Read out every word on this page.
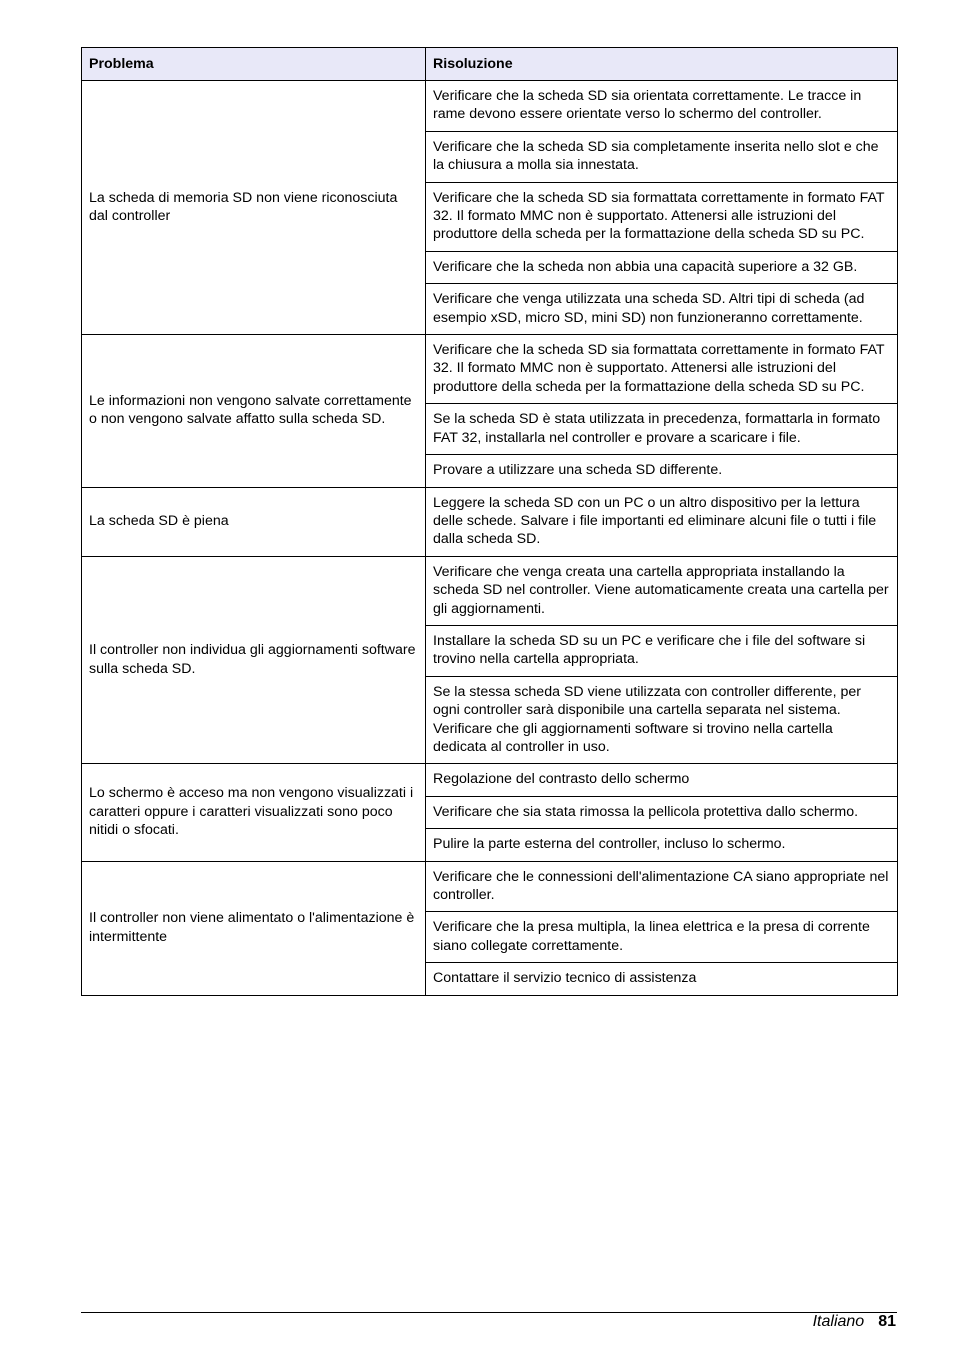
Problema	Risoluzione
La scheda di memoria SD non viene riconosciuta dal controller	Verificare che la scheda SD sia orientata correttamente. Le tracce in rame devono essere orientate verso lo schermo del controller.
	Verificare che la scheda SD sia completamente inserita nello slot e che la chiusura a molla sia innestata.
	Verificare che la scheda SD sia formattata correttamente in formato FAT 32. Il formato MMC non è supportato. Attenersi alle istruzioni del produttore della scheda per la formattazione della scheda SD su PC.
	Verificare che la scheda non abbia una capacità superiore a 32 GB.
	Verificare che venga utilizzata una scheda SD. Altri tipi di scheda (ad esempio xSD, micro SD, mini SD) non funzioneranno correttamente.
Le informazioni non vengono salvate correttamente o non vengono salvate affatto sulla scheda SD.	Verificare che la scheda SD sia formattata correttamente in formato FAT 32. Il formato MMC non è supportato. Attenersi alle istruzioni del produttore della scheda per la formattazione della scheda SD su PC.
	Se la scheda SD è stata utilizzata in precedenza, formattarla in formato FAT 32, installarla nel controller e provare a scaricare i file.
	Provare a utilizzare una scheda SD differente.
La scheda SD è piena	Leggere la scheda SD con un PC o un altro dispositivo per la lettura delle schede. Salvare i file importanti ed eliminare alcuni file o tutti i file dalla scheda SD.
Il controller non individua gli aggiornamenti software sulla scheda SD.	Verificare che venga creata una cartella appropriata installando la scheda SD nel controller. Viene automaticamente creata una cartella per gli aggiornamenti.
	Installare la scheda SD su un PC e verificare che i file del software si trovino nella cartella appropriata.
	Se la stessa scheda SD viene utilizzata con controller differente, per ogni controller sarà disponibile una cartella separata nel sistema. Verificare che gli aggiornamenti software si trovino nella cartella dedicata al controller in uso.
Lo schermo è acceso ma non vengono visualizzati i caratteri oppure i caratteri visualizzati sono poco nitidi o sfocati.	Regolazione del contrasto dello schermo
	Verificare che sia stata rimossa la pellicola protettiva dallo schermo.
	Pulire la parte esterna del controller, incluso lo schermo.
Il controller non viene alimentato o l'alimentazione è intermittente	Verificare che le connessioni dell'alimentazione CA siano appropriate nel controller.
	Verificare che la presa multipla, la linea elettrica e la presa di corrente siano collegate correttamente.
	Contattare il servizio tecnico di assistenza
Italiano 81
